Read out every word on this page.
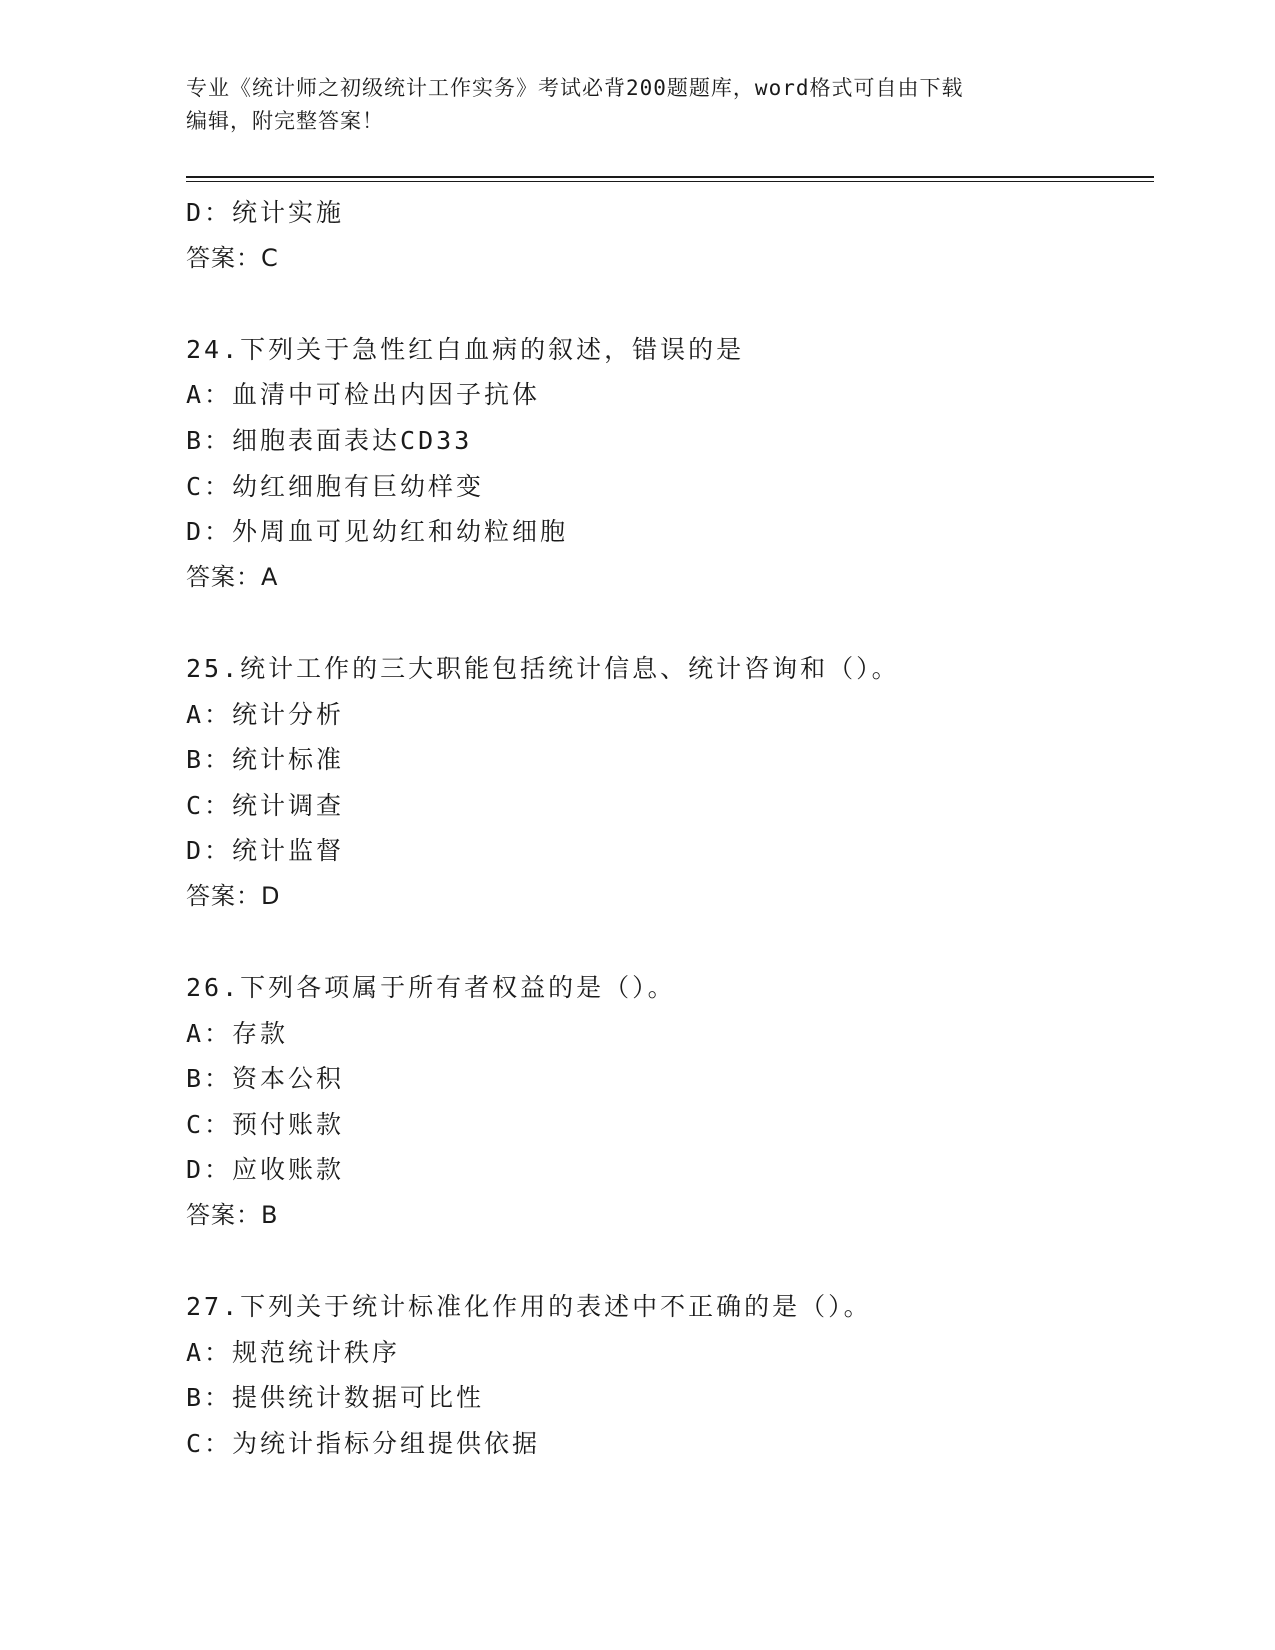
专业《统计师之初级统计工作实务》考试必背200题题库，word格式可自由下载
编辑，附完整答案！
D：统计实施
答案：C
24.下列关于急性红白血病的叙述，错误的是
A：血清中可检出内因子抗体
B：细胞表面表达CD33
C：幼红细胞有巨幼样变
D：外周血可见幼红和幼粒细胞
答案：A
25.统计工作的三大职能包括统计信息、统计咨询和（）。
A：统计分析
B：统计标准
C：统计调查
D：统计监督
答案：D
26.下列各项属于所有者权益的是（）。
A：存款
B：资本公积
C：预付账款
D：应收账款
答案：B
27.下列关于统计标准化作用的表述中不正确的是（）。
A：规范统计秩序
B：提供统计数据可比性
C：为统计指标分组提供依据
